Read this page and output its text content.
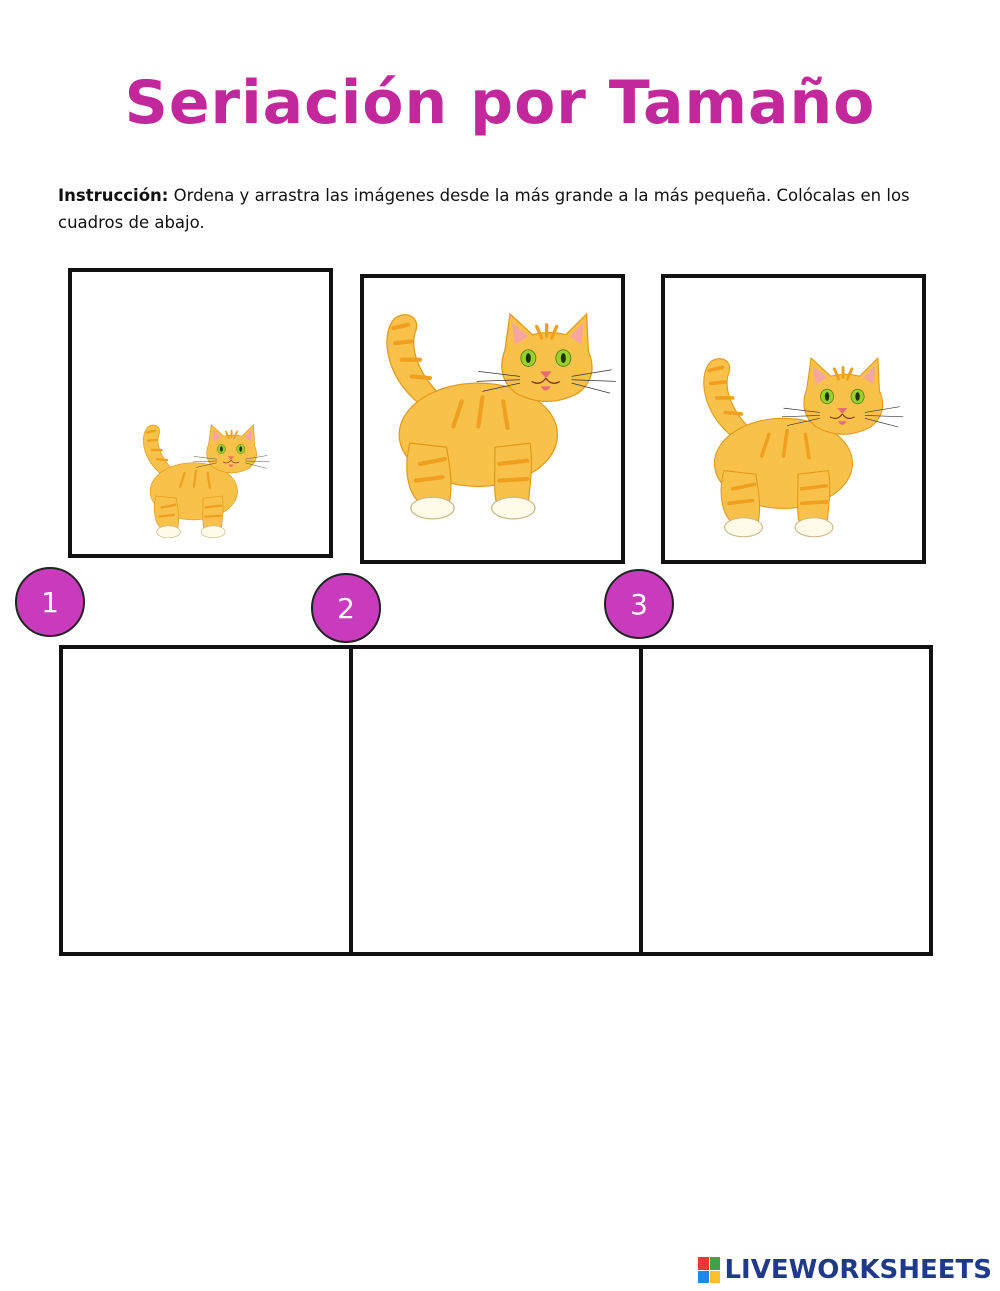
Seriación por Tamaño
Instrucción: Ordena y arrastra las imágenes desde la más grande a la más pequeña. Colócalas en los cuadros de abajo.
1	2	3
LIVEWORKSHEETS
